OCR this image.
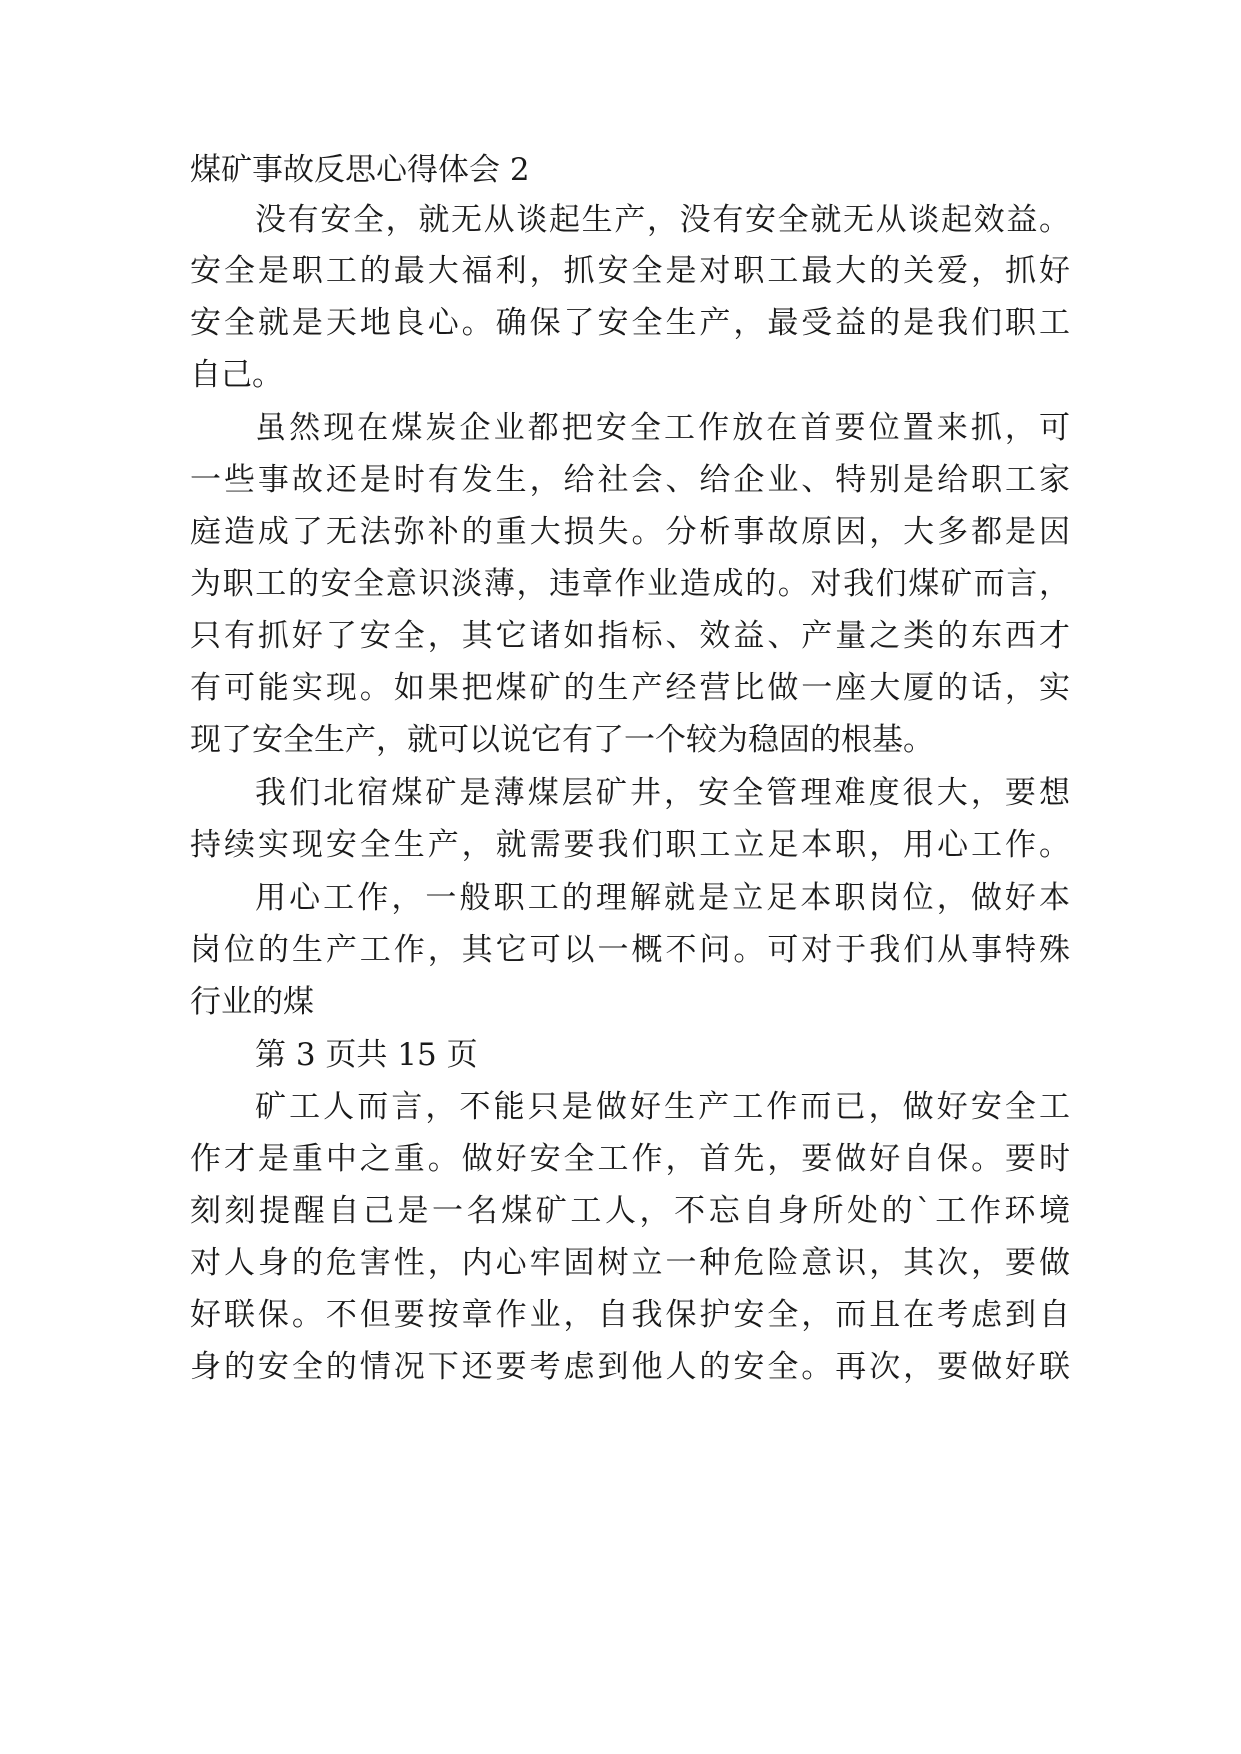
煤矿事故反思心得体会 2
没有安全，就无从谈起生产，没有安全就无从谈起效益。
安全是职工的最大福利，抓安全是对职工最大的关爱，抓好
安全就是天地良心。确保了安全生产，最受益的是我们职工
自己。
虽然现在煤炭企业都把安全工作放在首要位置来抓，可
一些事故还是时有发生，给社会、给企业、特别是给职工家
庭造成了无法弥补的重大损失。分析事故原因，大多都是因
为职工的安全意识淡薄，违章作业造成的。对我们煤矿而言，
只有抓好了安全，其它诸如指标、效益、产量之类的东西才
有可能实现。如果把煤矿的生产经营比做一座大厦的话，实
现了安全生产，就可以说它有了一个较为稳固的根基。
我们北宿煤矿是薄煤层矿井，安全管理难度很大，要想
持续实现安全生产，就需要我们职工立足本职，用心工作。
用心工作，一般职工的理解就是立足本职岗位，做好本
岗位的生产工作，其它可以一概不问。可对于我们从事特殊
行业的煤
第 3 页共 15 页
矿工人而言，不能只是做好生产工作而已，做好安全工
作才是重中之重。做好安全工作，首先，要做好自保。要时
刻刻提醒自己是一名煤矿工人，不忘自身所处的`工作环境
对人身的危害性，内心牢固树立一种危险意识，其次，要做
好联保。不但要按章作业，自我保护安全，而且在考虑到自
身的安全的情况下还要考虑到他人的安全。再次，要做好联
